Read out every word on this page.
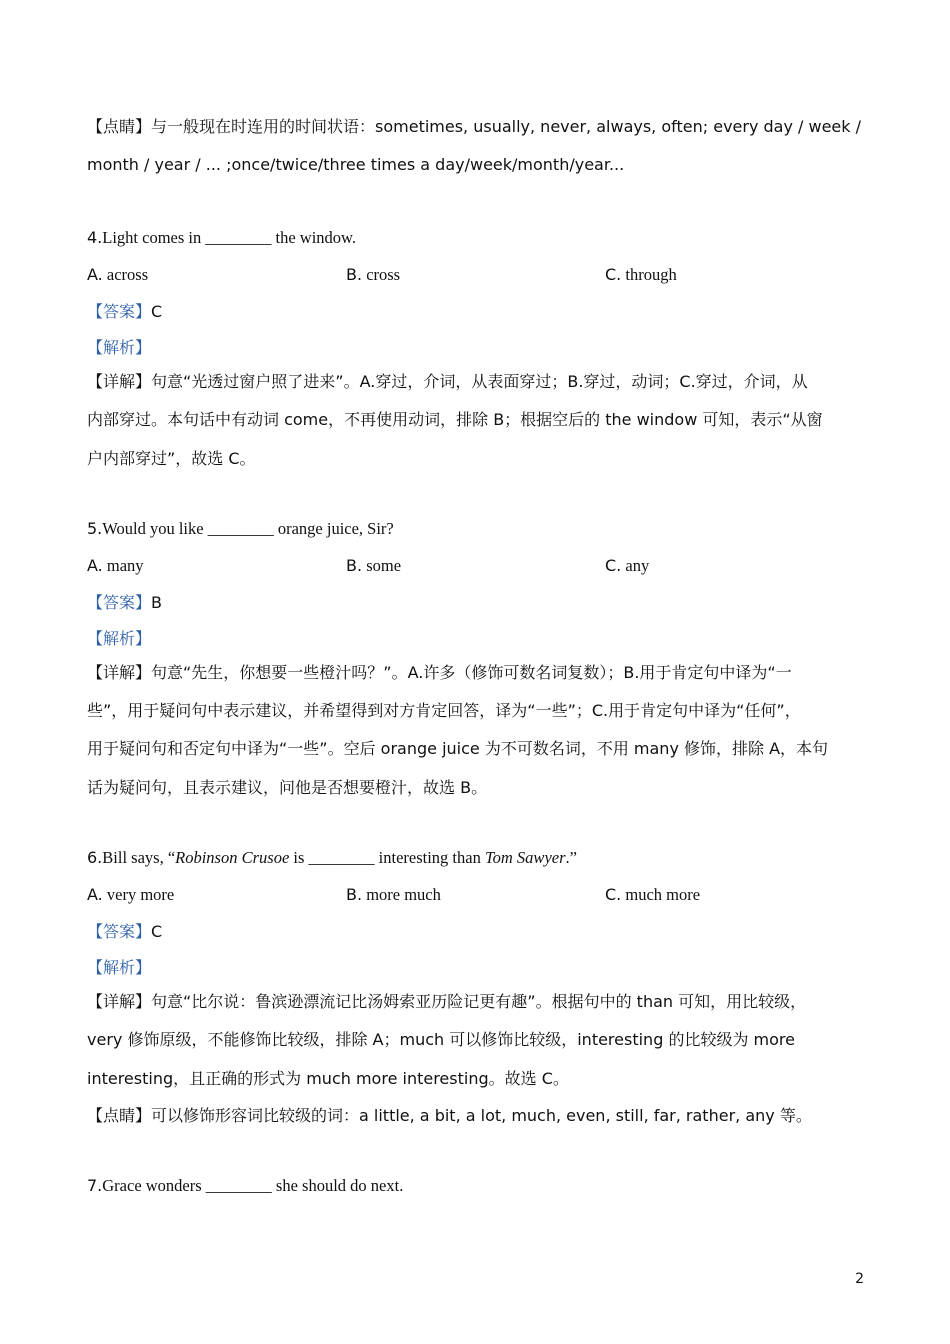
【点睛】与一般现在时连用的时间状语：sometimes, usually, never, always, often; every day / week /
month / year / ... ;once/twice/three times a day/week/month/year...
4.Light comes in ________ the window.
A. across	B. cross	C. through
【答案】C
【解析】
【详解】句意“光透过窗户照了进来”。A.穿过，介词，从表面穿过；B.穿过，动词；C.穿过，介词，从
内部穿过。本句话中有动词 come，不再使用动词，排除 B；根据空后的 the window 可知，表示“从窗
户内部穿过”，故选 C。
5.Would you like ________ orange juice, Sir?
A. many	B. some	C. any
【答案】B
【解析】
【详解】句意“先生，你想要一些橙汁吗？”。A.许多（修饰可数名词复数）；B.用于肯定句中译为“一
些”，用于疑问句中表示建议，并希望得到对方肯定回答，译为“一些”；C.用于肯定句中译为“任何”，
用于疑问句和否定句中译为“一些”。空后 orange juice 为不可数名词，不用 many 修饰，排除 A，本句
话为疑问句，且表示建议，问他是否想要橙汁，故选 B。
6.Bill says, “Robinson Crusoe is ________ interesting than Tom Sawyer.”
A. very more	B. more much	C. much more
【答案】C
【解析】
【详解】句意“比尔说：鲁滨逊漂流记比汤姆索亚历险记更有趣”。根据句中的 than 可知，用比较级，
very 修饰原级，不能修饰比较级，排除 A；much 可以修饰比较级，interesting 的比较级为 more
interesting，且正确的形式为 much more interesting。故选 C。
【点睛】可以修饰形容词比较级的词：a little, a bit, a lot, much, even, still, far, rather, any 等。
7.Grace wonders ________ she should do next.
2
